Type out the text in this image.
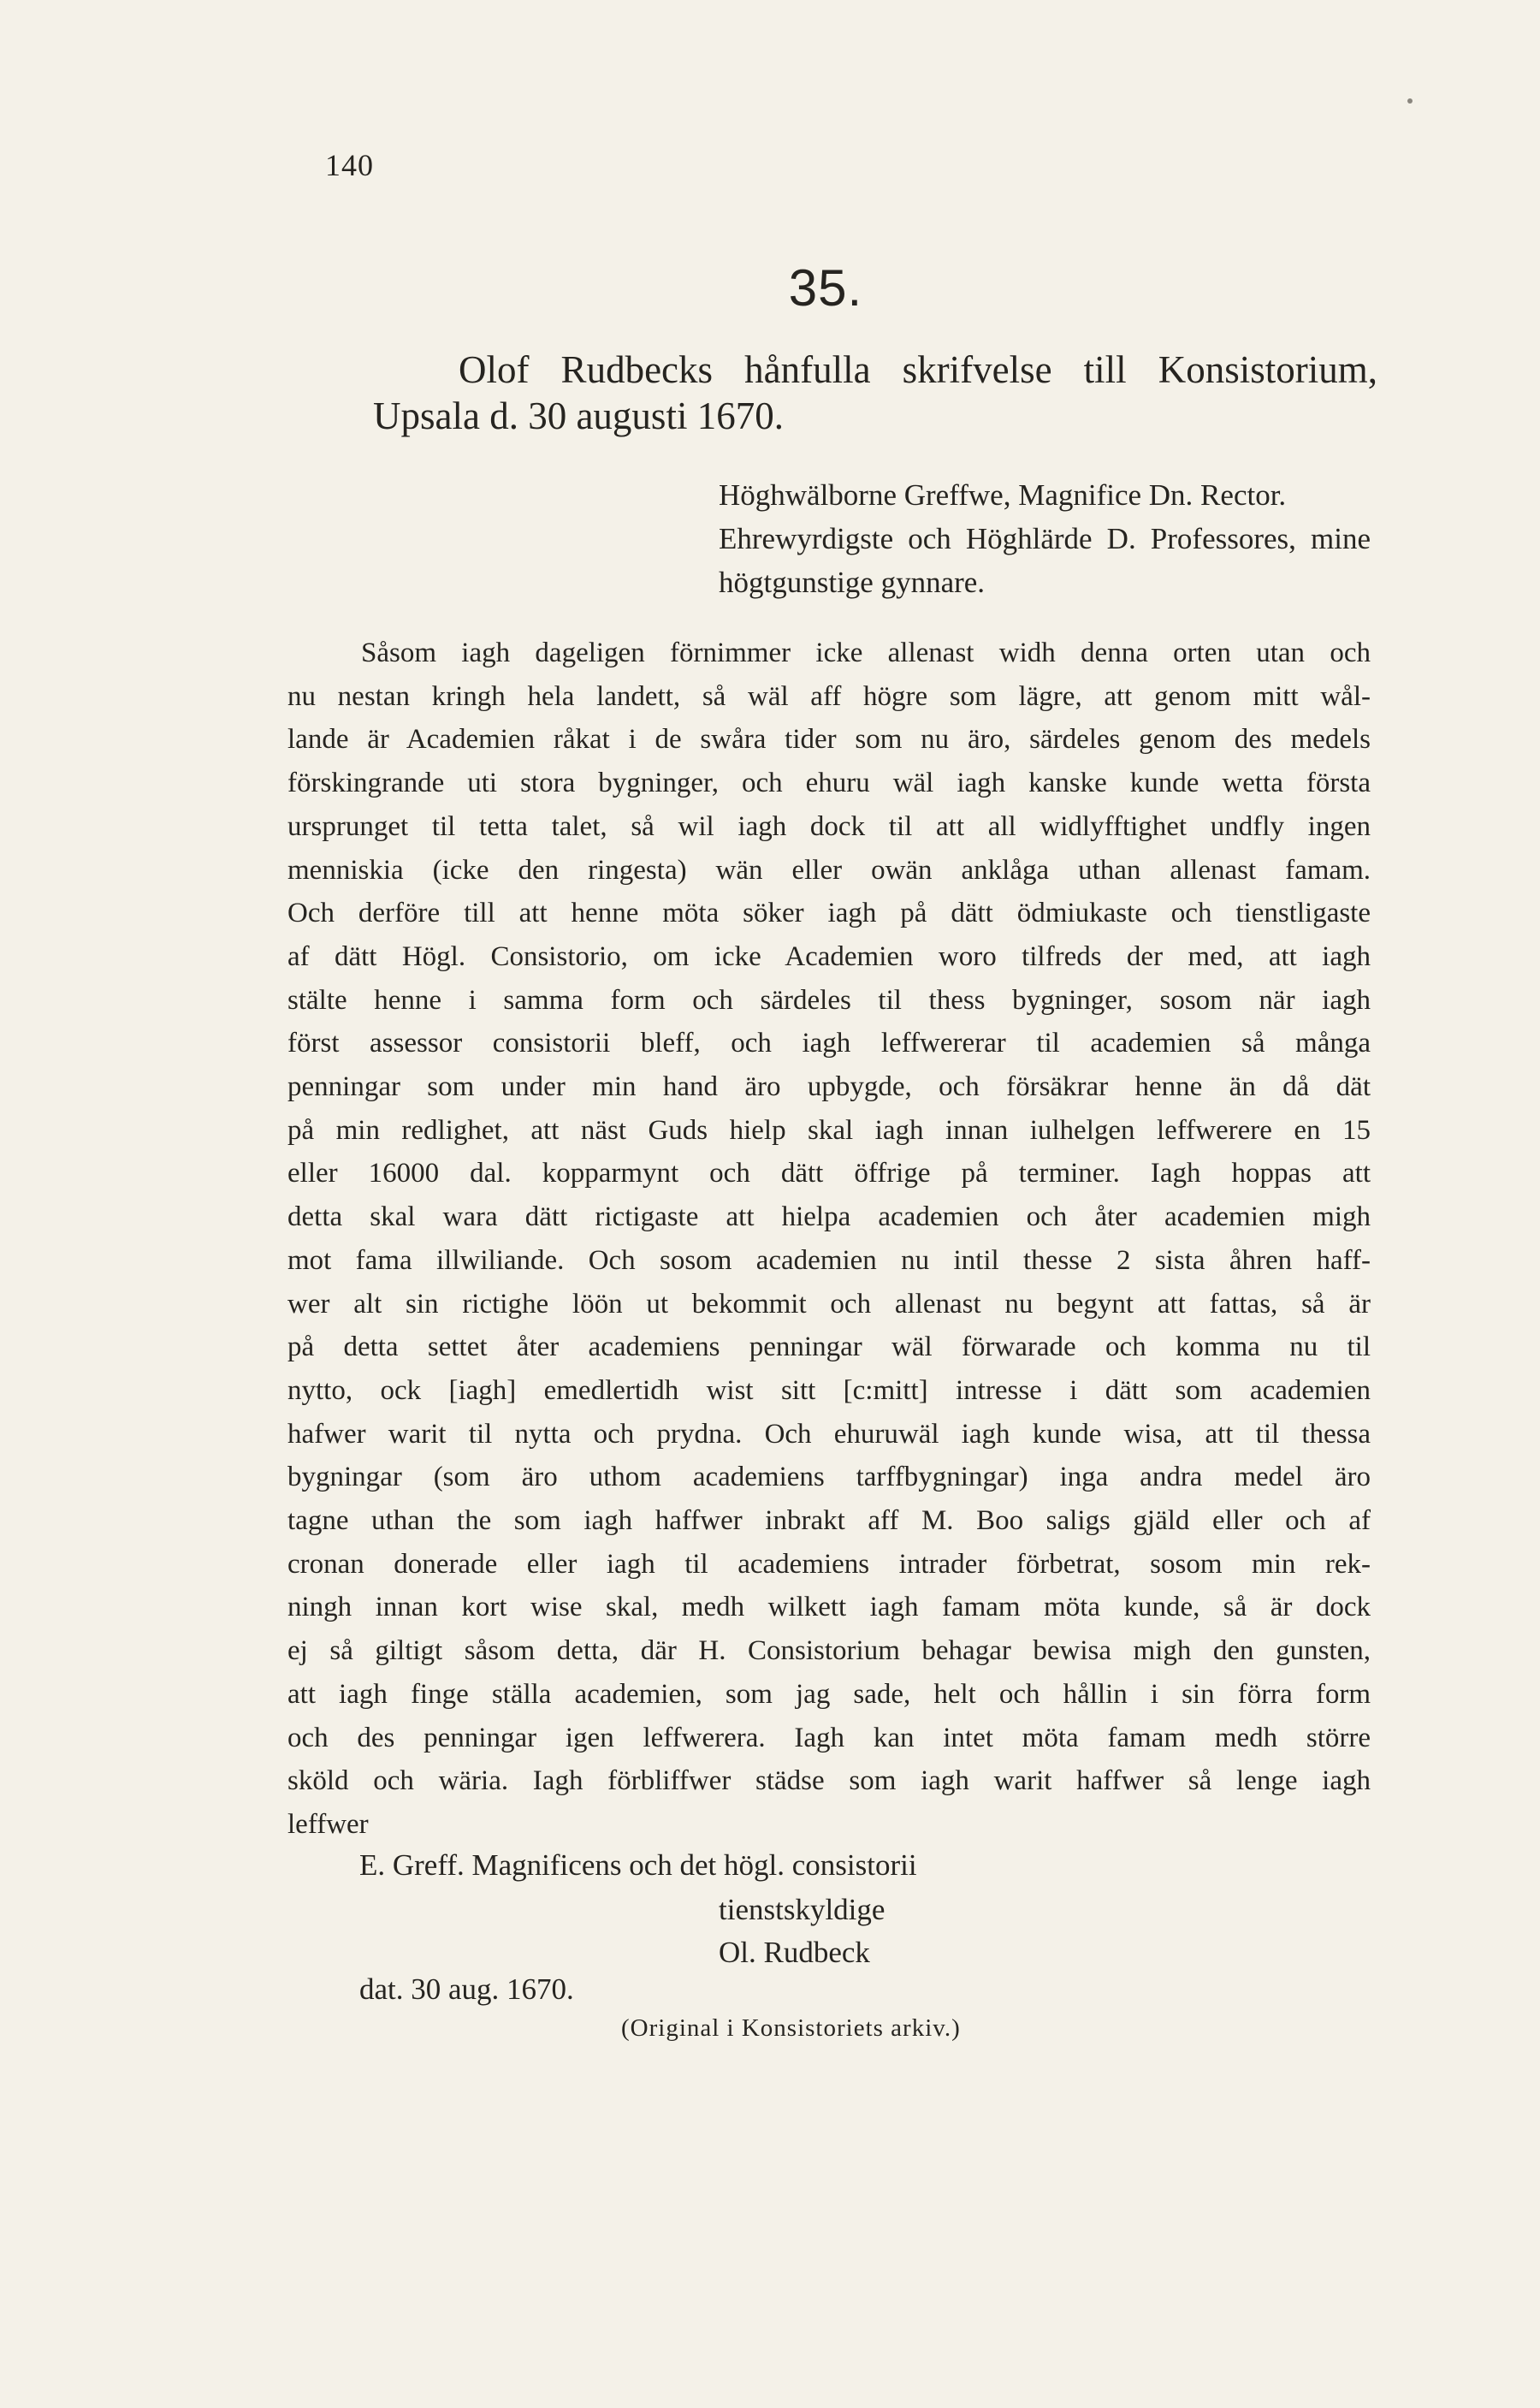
140
35.
Olof Rudbecks hånfulla skrifvelse till Konsistorium,
Upsala d. 30 augusti 1670.
Höghwälborne Greffwe, Magnifice Dn. Rector.
Ehrewyrdigste och Höghlärde D. Professores, mine
högtgunstige gynnare.
Såsom iagh dageligen förnimmer icke allenast widh denna orten utan och
nu nestan kringh hela landett, så wäl aff högre som lägre, att genom mitt wål-
lande är Academien råkat i de swåra tider som nu äro, särdeles genom des medels
förskingrande uti stora bygninger, och ehuru wäl iagh kanske kunde wetta första
ursprunget til tetta talet, så wil iagh dock til att all widlyfftighet undfly ingen
menniskia (icke den ringesta) wän eller owän anklåga uthan allenast famam.
Och derföre till att henne möta söker iagh på dätt ödmiukaste och tienstligaste
af dätt Högl. Consistorio, om icke Academien woro tilfreds der med, att iagh
stälte henne i samma form och särdeles til thess bygninger, sosom när iagh
först assessor consistorii bleff, och iagh leffwererar til academien så många
penningar som under min hand äro upbygde, och försäkrar henne än då dät
på min redlighet, att näst Guds hielp skal iagh innan iulhelgen leffwerere en 15
eller 16000 dal. kopparmynt och dätt öffrige på terminer. Iagh hoppas att
detta skal wara dätt rictigaste att hielpa academien och åter academien migh
mot fama illwiliande. Och sosom academien nu intil thesse 2 sista åhren haff-
wer alt sin rictighe löön ut bekommit och allenast nu begynt att fattas, så är
på detta settet åter academiens penningar wäl förwarade och komma nu til
nytto, ock [iagh] emedlertidh wist sitt [c:mitt] intresse i dätt som academien
hafwer warit til nytta och prydna. Och ehuruwäl iagh kunde wisa, att til thessa
bygningar (som äro uthom academiens tarffbygningar) inga andra medel äro
tagne uthan the som iagh haffwer inbrakt aff M. Boo saligs gjäld eller och af
cronan donerade eller iagh til academiens intrader förbetrat, sosom min rek-
ningh innan kort wise skal, medh wilkett iagh famam möta kunde, så är dock
ej så giltigt såsom detta, där H. Consistorium behagar bewisa migh den gunsten,
att iagh finge ställa academien, som jag sade, helt och hållin i sin förra form
och des penningar igen leffwerera. Iagh kan intet möta famam medh större
sköld och wäria. Iagh förbliffwer städse som iagh warit haffwer så lenge iagh
leffwer
E. Greff. Magnificens och det högl. consistorii
tienstskyldige
Ol. Rudbeck
dat. 30 aug. 1670.
(Original i Konsistoriets arkiv.)
